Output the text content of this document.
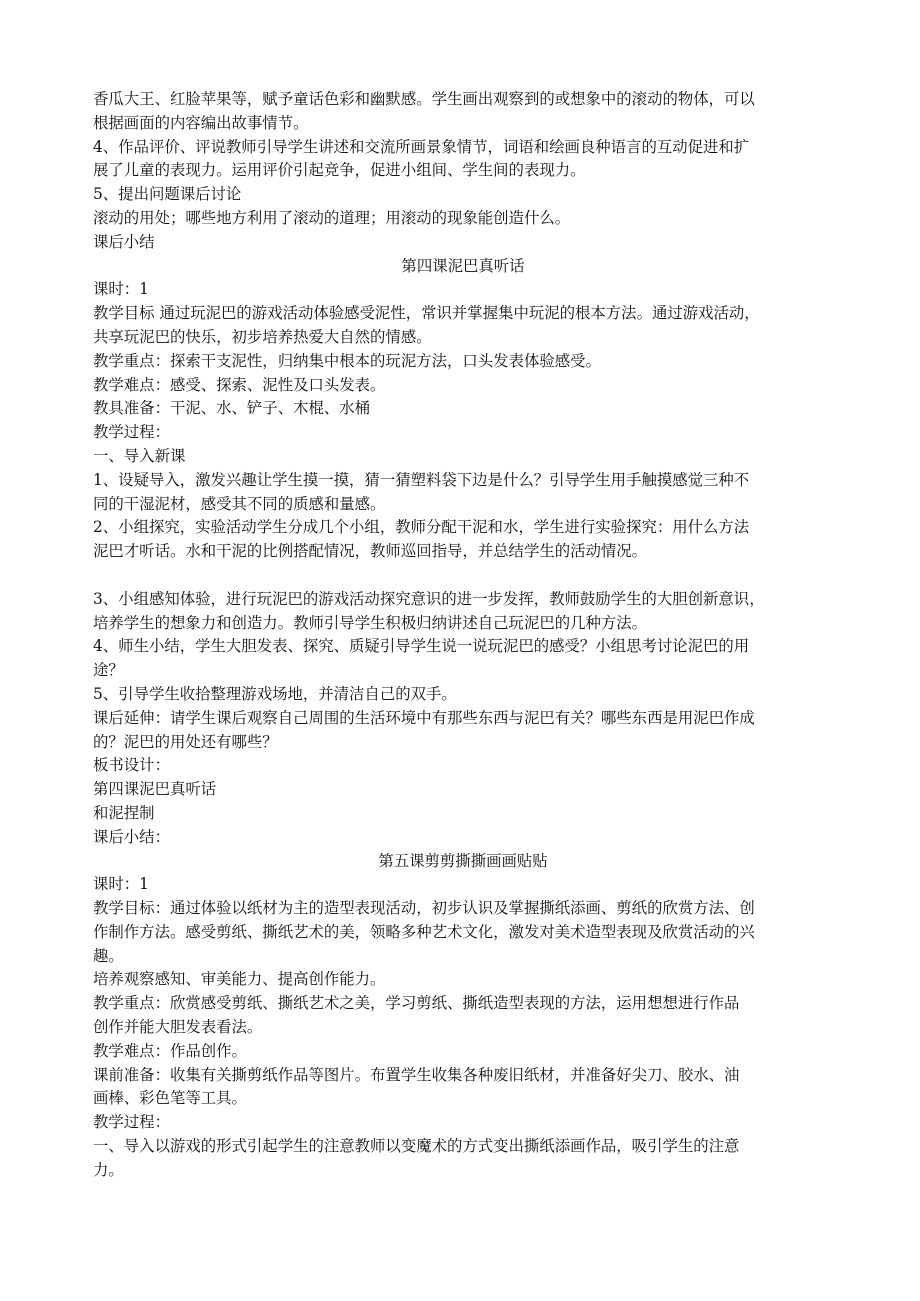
香瓜大王、红脸苹果等，赋予童话色彩和幽默感。学生画出观察到的或想象中的滚动的物体，可以

根据画面的内容编出故事情节。

4、作品评价、评说教师引导学生讲述和交流所画景象情节，词语和绘画良种语言的互动促进和扩

展了儿童的表现力。运用评价引起竞争，促进小组间、学生间的表现力。

5、提出问题课后讨论

滚动的用处；哪些地方利用了滚动的道理；用滚动的现象能创造什么。

课后小结

第四课泥巴真听话

课时：1

教学目标 通过玩泥巴的游戏活动体验感受泥性，常识并掌握集中玩泥的根本方法。通过游戏活动，

共享玩泥巴的快乐，初步培养热爱大自然的情感。

教学重点：探索干支泥性，归纳集中根本的玩泥方法，口头发表体验感受。

教学难点：感受、探索、泥性及口头发表。

教具准备：干泥、水、铲子、木棍、水桶

教学过程：

一、导入新课

1、设疑导入，激发兴趣让学生摸一摸，猜一猜塑料袋下边是什么？引导学生用手触摸感觉三种不

同的干湿泥材，感受其不同的质感和量感。

2、小组探究，实验活动学生分成几个小组，教师分配干泥和水，学生进行实验探究：用什么方法

泥巴才听话。水和干泥的比例搭配情况，教师巡回指导，并总结学生的活动情况。

3、小组感知体验，进行玩泥巴的游戏活动探究意识的进一步发挥，教师鼓励学生的大胆创新意识，

培养学生的想象力和创造力。教师引导学生积极归纳讲述自己玩泥巴的几种方法。

4、师生小结，学生大胆发表、探究、质疑引导学生说一说玩泥巴的感受？小组思考讨论泥巴的用

途？

5、引导学生收拾整理游戏场地，并清洁自己的双手。

课后延伸：请学生课后观察自己周围的生活环境中有那些东西与泥巴有关？哪些东西是用泥巴作成

的？泥巴的用处还有哪些？

板书设计：

第四课泥巴真听话

和泥捏制

课后小结：

第五课剪剪撕撕画画贴贴

课时：1

教学目标：通过体验以纸材为主的造型表现活动，初步认识及掌握撕纸添画、剪纸的欣赏方法、创

作制作方法。感受剪纸、撕纸艺术的美，领略多种艺术文化，激发对美术造型表现及欣赏活动的兴

趣。

培养观察感知、审美能力、提高创作能力。

教学重点：欣赏感受剪纸、撕纸艺术之美，学习剪纸、撕纸造型表现的方法，运用想想进行作品

创作并能大胆发表看法。

教学难点：作品创作。

课前准备：收集有关撕剪纸作品等图片。布置学生收集各种废旧纸材，并准备好尖刀、胶水、油

画棒、彩色笔等工具。

教学过程：

一、导入以游戏的形式引起学生的注意教师以变魔术的方式变出撕纸添画作品，吸引学生的注意

力。
